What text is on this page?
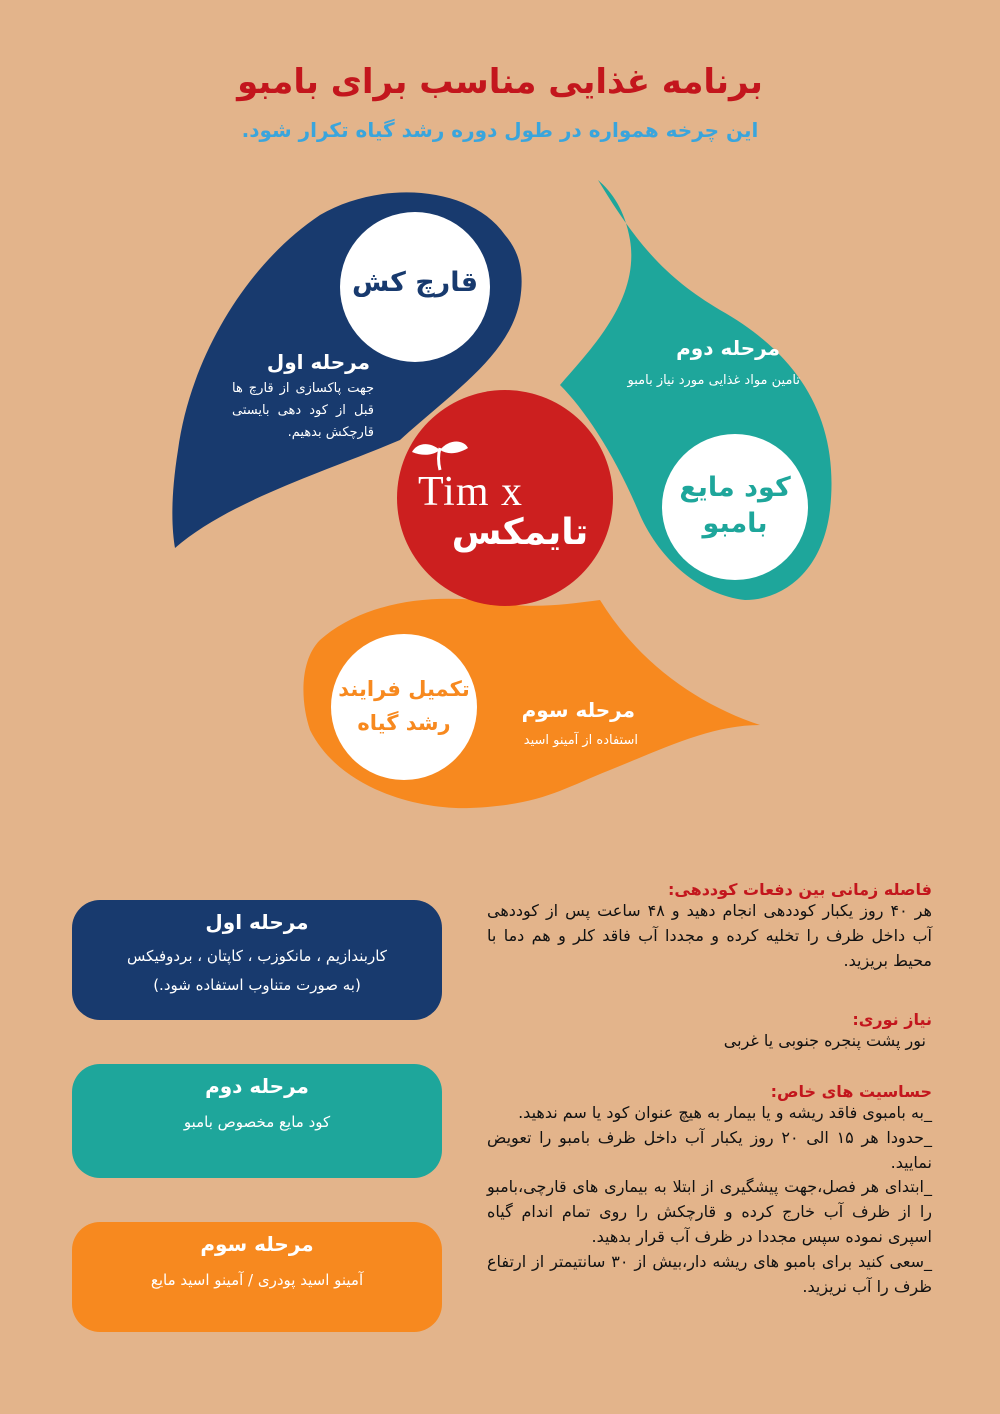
برنامه غذایی مناسب برای بامبو
این چرخه همواره در طول دوره رشد گیاه تکرار شود.
Tim x
تایمکس
قارچ کش
مرحله اول
جهت پاکسازی از قارچ ها قبل از کود دهی بایستی قارچکش بدهیم.
مرحله دوم
تامین مواد غذایی مورد نیاز بامبو
کود مایع
بامبو
تکمیل فرایند
رشد گیاه
مرحله سوم
استفاده از آمینو اسید
مرحله اول
کاربندازیم ، مانکوزب ، کاپتان ، بردوفیکس
(به صورت متناوب استفاده شود.)
مرحله دوم
کود مایع مخصوص بامبو
مرحله سوم
آمینو اسید پودری / آمینو اسید مایع
فاصله زمانی بین دفعات کوددهی:
هر ۴۰ روز یکبار کوددهی انجام دهید و ۴۸ ساعت پس از کوددهی آب داخل ظرف را تخلیه کرده و مجددا آب فاقد کلر و هم دما با محیط بریزید.
نیاز نوری:
نور پشت پنجره جنوبی یا غربی
حساسیت های خاص:

_به بامبوی فاقد ریشه و یا بیمار به هیچ عنوان کود یا سم ندهید.

_حدودا هر ۱۵ الی ۲۰ روز یکبار آب داخل ظرف بامبو را تعویض نمایید.

_ابتدای هر فصل،جهت پیشگیری از ابتلا به بیماری های قارچی،بامبو را از ظرف آب خارج کرده و قارچکش را روی تمام اندام گیاه اسپری نموده سپس مجددا در ظرف آب قرار بدهید.

_سعی کنید برای بامبو های ریشه دار،بیش از ۳۰ سانتیمتر از ارتفاع ظرف را آب نریزید.
